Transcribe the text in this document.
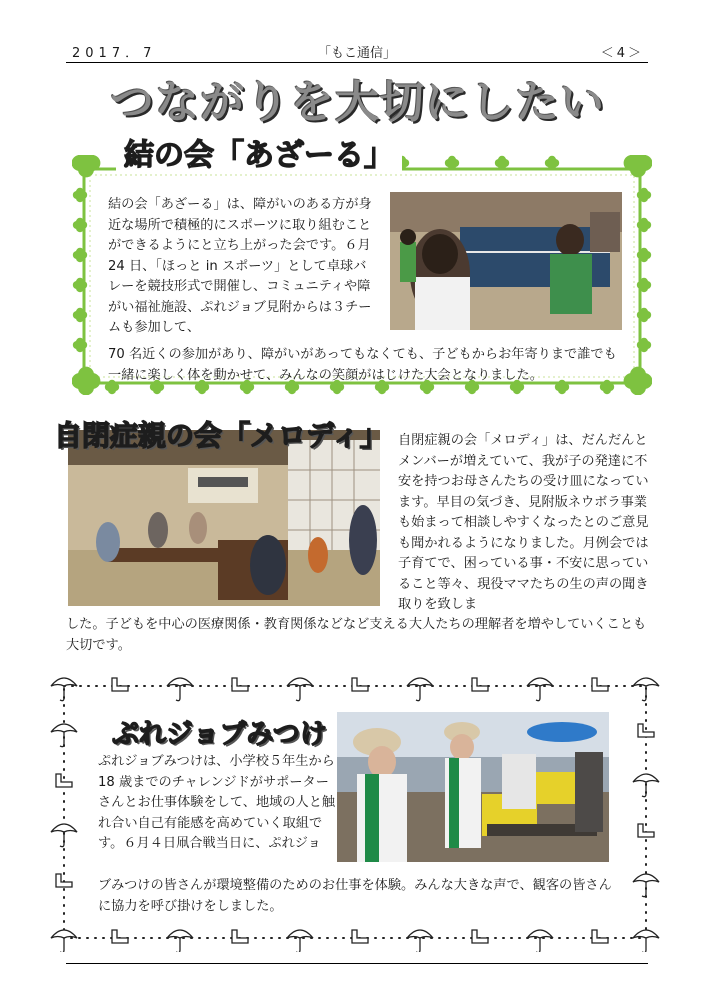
2017．7	「もこ通信」	＜4＞
つながりを大切にしたい
結の会「あざーる」
結の会「あざーる」は、障がいのある方が身近な場所で積極的にスポーツに取り組むことができるようにと立ち上がった会です。６月 24 日、「ほっと in スポーツ」として卓球バレーを競技形式で開催し、コミュニティや障がい福祉施設、ぷれジョブ見附からは３チームも参加して、
70 名近くの参加があり、障がいがあってもなくても、子どもからお年寄りまで誰でも一緒に楽しく体を動かせて、みんなの笑顔がはじけた大会となりました。
自閉症親の会「メロディ」 自閉症親の会「メロディ」は、だんだんとメンバーが増えていて、我が子の発達に不安を持つお母さんたちの受け皿になっています。早目の気づき、見附版ネウボラ事業も始まって相談しやすくなったとのご意見も聞かれるようになりました。月例会では子育てで、困っている事・不安に思っていること等々、現役ママたちの生の声の聞き取りを致しま
した。子どもを中心の医療関係・教育関係などなど支える大人たちの理解者を増やしていくことも大切です。
ぷれジョブみつけ
ぷれジョブみつけは、小学校５年生から 18 歳までのチャレンジドがサポーターさんとお仕事体験をして、地域の人と触れ合い自己有能感を高めていく取組です。６月４日凧合戦当日に、ぷれジョ
ブみつけの皆さんが環境整備のためのお仕事を体験。みんな大きな声で、観客の皆さんに協力を呼び掛けをしました。
